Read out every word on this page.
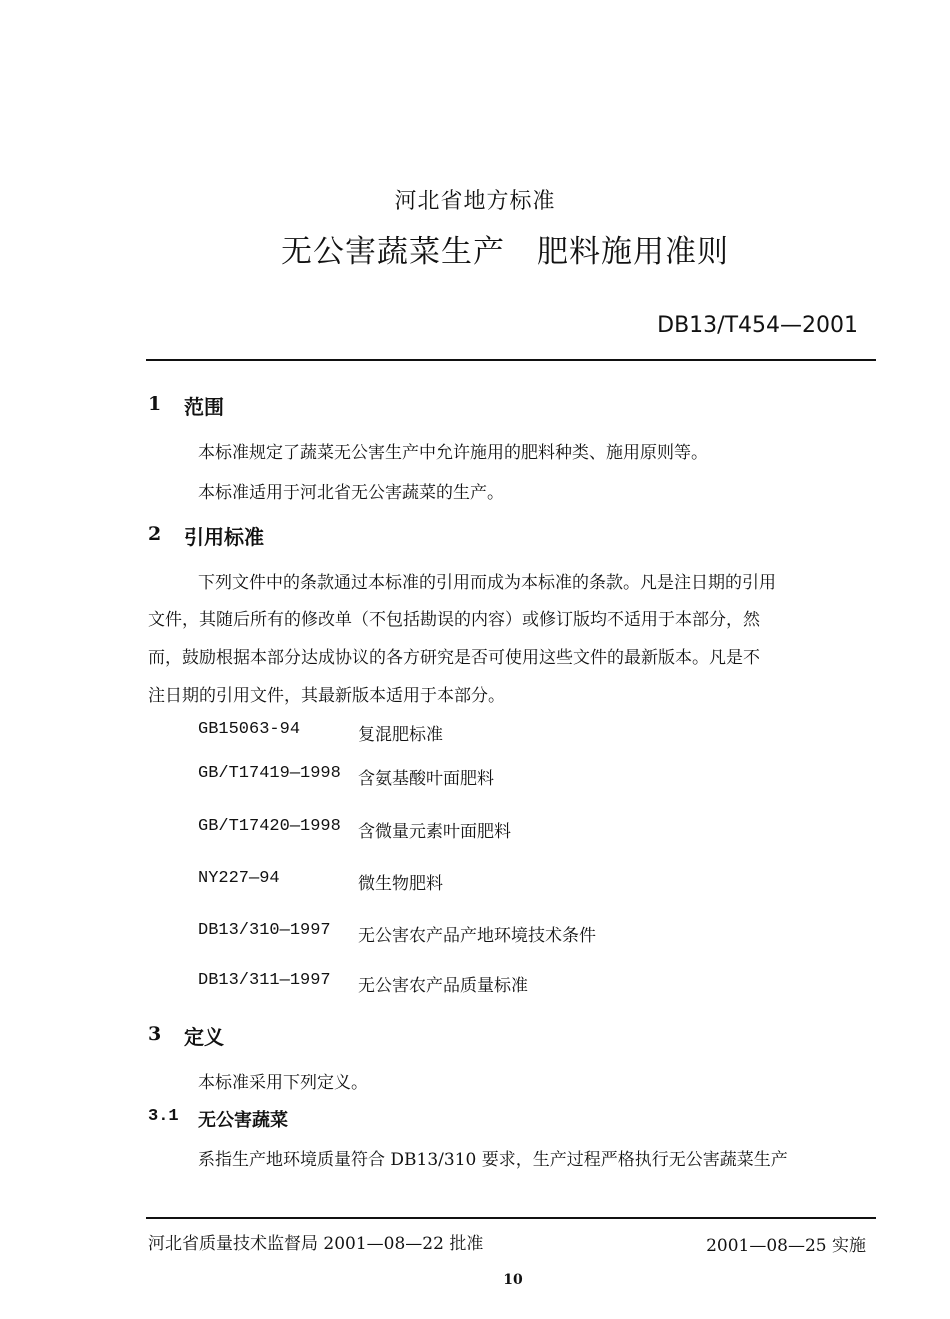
河北省地方标准
无公害蔬菜生产　肥料施用准则
DB13/T454—2001
1 范围
本标准规定了蔬菜无公害生产中允许施用的肥料种类、施用原则等。
本标准适用于河北省无公害蔬菜的生产。
2 引用标准
下列文件中的条款通过本标准的引用而成为本标准的条款。凡是注日期的引用
文件，其随后所有的修改单（不包括勘误的内容）或修订版均不适用于本部分，然
而，鼓励根据本部分达成协议的各方研究是否可使用这些文件的最新版本。凡是不
注日期的引用文件，其最新版本适用于本部分。
GB15063-94	复混肥标准
GB/T17419—1998 含氨基酸叶面肥料
GB/T17420—1998 含微量元素叶面肥料
NY227—94	微生物肥料
DB13/310—1997 无公害农产品产地环境技术条件
DB13/311—1997 无公害农产品质量标准
3 定义
本标准采用下列定义。
3.1 无公害蔬菜
系指生产地环境质量符合 DB13/310 要求，生产过程严格执行无公害蔬菜生产
河北省质量技术监督局 2001—08—22 批准	2001—08—25 实施
10
